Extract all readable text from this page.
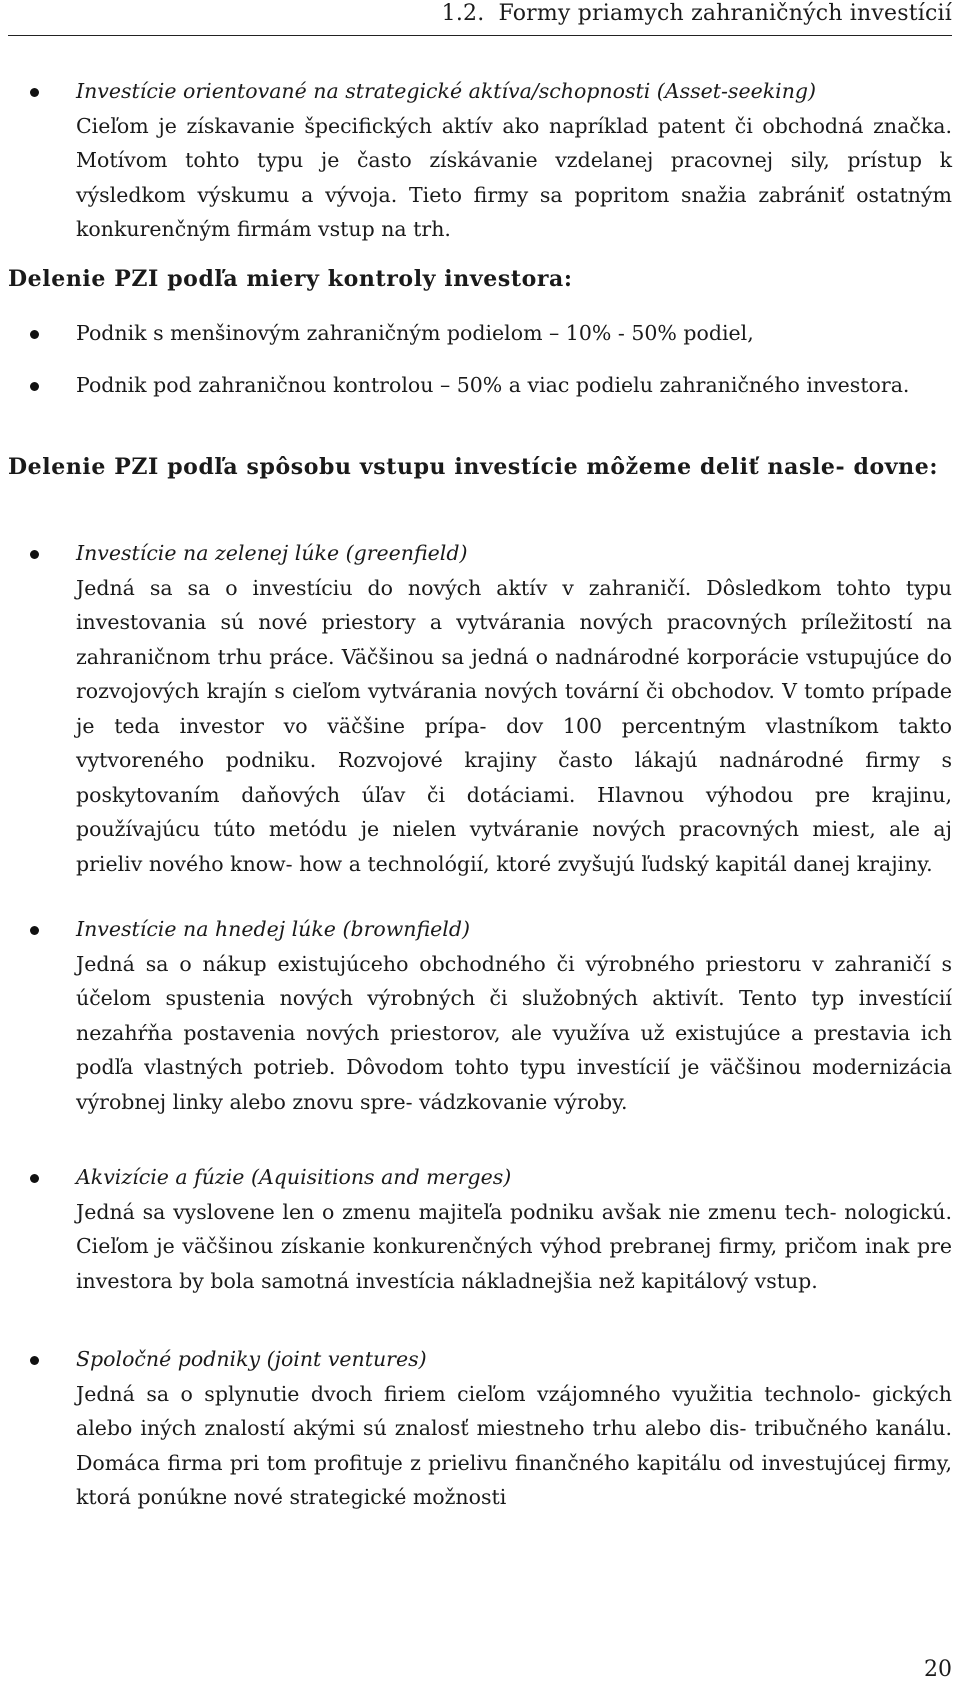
1.2. Formy priamych zahraničných investícií
Investície orientované na strategické aktíva/schopnosti (Asset-seeking)
Cieľom je získavanie špecifických aktív ako napríklad patent či obchodná značka. Motívom tohto typu je často získávanie vzdelanej pracovnej sily, prístup k výsledkom výskumu a vývoja. Tieto firmy sa popritom snažia zabrániť ostatným konkurenčným firmám vstup na trh.
Delenie PZI podľa miery kontroly investora:
Podnik s menšinovým zahraničným podielom – 10% - 50% podiel,
Podnik pod zahraničnou kontrolou – 50% a viac podielu zahraničného investora.
Delenie PZI podľa spôsobu vstupu investície môžeme deliť nasle- dovne:
Investície na zelenej lúke (greenfield)
Jedná sa sa o investíciu do nových aktív v zahraničí. Dôsledkom tohto typu investovania sú nové priestory a vytvárania nových pracovných príležitostí na zahraničnom trhu práce. Väčšinou sa jedná o nadnárodné korporácie vstupujúce do rozvojových krajín s cieľom vytvárania nových tovární či obchodov. V tomto prípade je teda investor vo väčšine prípa- dov 100 percentným vlastníkom takto vytvoreného podniku. Rozvojové krajiny často lákajú nadnárodné firmy s poskytovaním daňových úľav či dotáciami. Hlavnou výhodou pre krajinu, používajúcu túto metódu je nielen vytváranie nových pracovných miest, ale aj prieliv nového know- how a technológií, ktoré zvyšujú ľudský kapitál danej krajiny.
Investície na hnedej lúke (brownfield)
Jedná sa o nákup existujúceho obchodného či výrobného priestoru v zahraničí s účelom spustenia nových výrobných či služobných aktivít. Tento typ investícií nezahŕňa postavenia nových priestorov, ale využíva už existujúce a prestavia ich podľa vlastných potrieb. Dôvodom tohto typu investícií je väčšinou modernizácia výrobnej linky alebo znovu spre- vádzkovanie výroby.
Akvizície a fúzie (Aquisitions and merges)
Jedná sa vyslovene len o zmenu majiteľa podniku avšak nie zmenu tech- nologickú. Cieľom je väčšinou získanie konkurenčných výhod prebranej firmy, pričom inak pre investora by bola samotná investícia nákladnejšia než kapitálový vstup.
Spoločné podniky (joint ventures)
Jedná sa o splynutie dvoch firiem cieľom vzájomného využitia technolo- gických alebo iných znalostí akými sú znalosť miestneho trhu alebo dis- tribučného kanálu. Domáca firma pri tom profituje z prielivu finančného kapitálu od investujúcej firmy, ktorá ponúkne nové strategické možnosti
20
